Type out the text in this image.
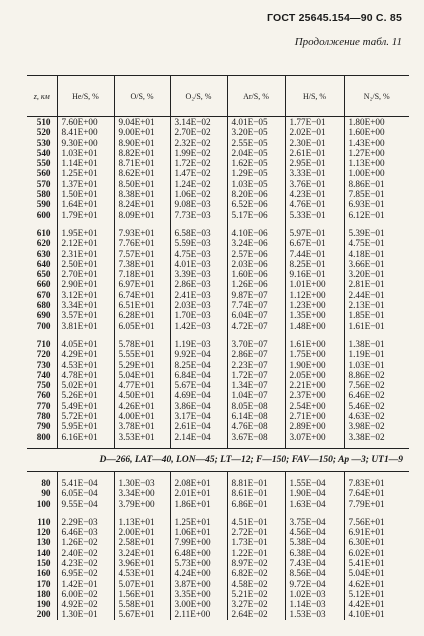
ГОСТ 25645.154—90 С. 85
Продолжение табл. 11
z, км	He/S, %	O/S, %	O₂/S, %	Ar/S, %	H/S, %	N₂/S, %
510	7.60E+00	9.04E+01	3.14E−02	4.01E−05	1.77E−01	1.80E+00
520	8.41E+00	9.00E+01	2.70E−02	3.20E−05	2.02E−01	1.60E+00
530	9.30E+00	8.90E+01	2.32E−02	2.55E−05	2.30E−01	1.43E+00
540	1.03E+01	8.82E+01	1.99E−02	2.04E−05	2.61E−01	1.27E+00
550	1.14E+01	8.71E+01	1.72E−02	1.62E−05	2.95E−01	1.13E+00
560	1.25E+01	8.62E+01	1.47E−02	1.29E−05	3.33E−01	1.00E+00
570	1.37E+01	8.50E+01	1.24E−02	1.03E−05	3.76E−01	8.86E−01
580	1.50E+01	8.38E+01	1.06E−02	8.20E−06	4.23E−01	7.85E−01
590	1.64E+01	8.24E+01	9.08E−03	6.52E−06	4.76E−01	6.93E−01
600	1.79E+01	8.09E+01	7.73E−03	5.17E−06	5.33E−01	6.12E−01

610	1.95E+01	7.93E+01	6.58E−03	4.10E−06	5.97E−01	5.39E−01
620	2.12E+01	7.76E+01	5.59E−03	3.24E−06	6.67E−01	4.75E−01
630	2.31E+01	7.57E+01	4.75E−03	2.57E−06	7.44E−01	4.18E−01
640	2.50E+01	7.38E+01	4.01E−03	2.03E−06	8.25E−01	3.66E−01
650	2.70E+01	7.18E+01	3.39E−03	1.60E−06	9.16E−01	3.20E−01
660	2.90E+01	6.97E+01	2.86E−03	1.26E−06	1.01E+00	2.81E−01
670	3.12E+01	6.74E+01	2.41E−03	9.87E−07	1.12E+00	2.44E−01
680	3.34E+01	6.51E+01	2.03E−03	7.74E−07	1.23E+00	2.13E−01
690	3.57E+01	6.28E+01	1.70E−03	6.04E−07	1.35E+00	1.85E−01
700	3.81E+01	6.05E+01	1.42E−03	4.72E−07	1.48E+00	1.61E−01

710	4.05E+01	5.78E+01	1.19E−03	3.70E−07	1.61E+00	1.38E−01
720	4.29E+01	5.55E+01	9.92E−04	2.86E−07	1.75E+00	1.19E−01
730	4.53E+01	5.29E+01	8.25E−04	2.23E−07	1.90E+00	1.03E−01
740	4.78E+01	5.04E+01	6.84E−04	1.72E−07	2.05E+00	8.86E−02
750	5.02E+01	4.77E+01	5.67E−04	1.34E−07	2.21E+00	7.56E−02
760	5.26E+01	4.50E+01	4.69E−04	1.04E−07	2.37E+00	6.46E−02
770	5.49E+01	4.26E+01	3.86E−04	8.05E−08	2.54E+00	5.46E−02
780	5.72E+01	4.00E+01	3.17E−04	6.14E−08	2.71E+00	4.63E−02
790	5.95E+01	3.78E+01	2.61E−04	4.76E−08	2.89E+00	3.98E−02
800	6.16E+01	3.53E+01	2.14E−04	3.67E−08	3.07E+00	3.38E−02

D—266, LAT—40, LON—45; LT—12; F—150; FAV—150; Ap —3; UT1—9						

80	5.41E−04	1.30E−03	2.08E+01	8.81E−01	1.55E−04	7.83E+01
90	6.05E−04	3.34E+00	2.01E+01	8.61E−01	1.90E−04	7.64E+01
100	9.55E−04	3.79E+00	1.86E+01	6.86E−01	1.63E−04	7.79E+01

110	2.29E−03	1.13E+01	1.25E+01	4.51E−01	3.75E−04	7.56E+01
120	6.46E−03	2.00E+01	1.06E+01	2.72E−01	4.56E−04	6.91E+01
130	1.26E−02	2.58E+01	7.99E+00	1.73E−01	5.38E−04	6.30E+01
140	2.40E−02	3.24E+01	6.48E+00	1.22E−01	6.38E−04	6.02E+01
150	4.23E−02	3.96E+01	5.73E+00	8.97E−02	7.43E−04	5.41E+01
160	6.95E−02	4.53E+01	4.24E+00	6.82E−02	8.56E−04	5.04E+01
170	1.42E−01	5.07E+01	3.87E+00	4.58E−02	9.72E−04	4.62E+01
180	6.00E−02	1.56E+01	3.35E+00	5.21E−02	1.02E−03	5.12E+01
190	4.92E−02	5.58E+01	3.00E+00	3.27E−02	1.14E−03	4.42E+01
200	1.30E−01	5.67E+01	2.11E+00	2.64E−02	1.53E−03	4.10E+01
